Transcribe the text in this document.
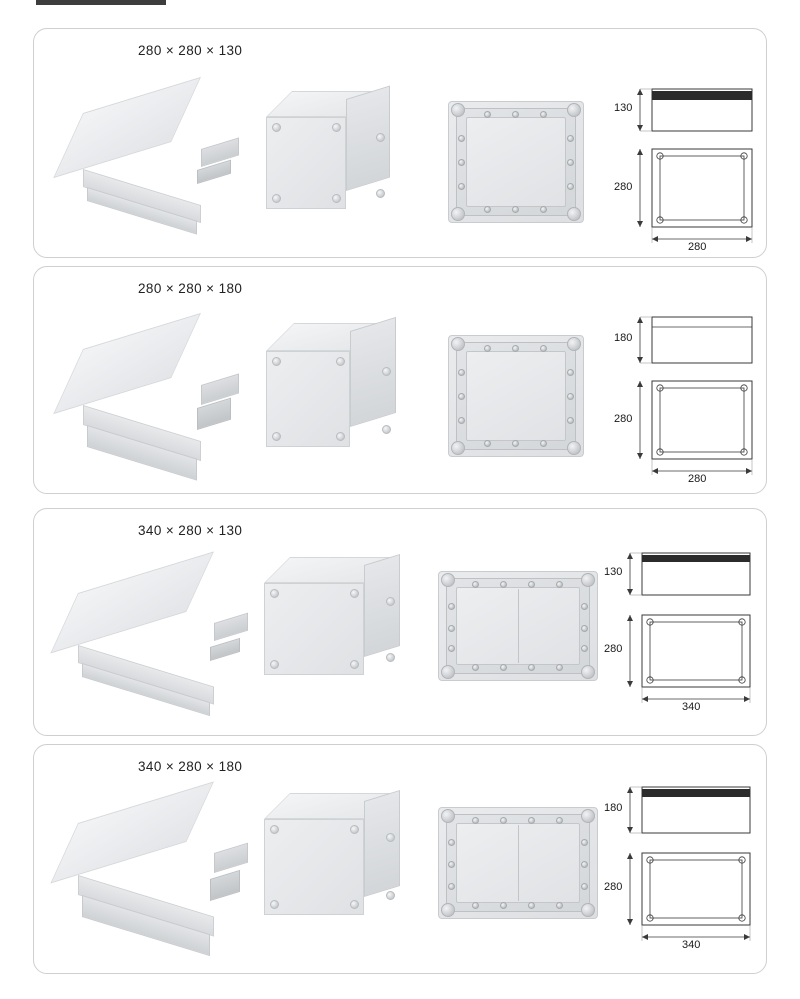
280 × 280 × 130
130
280
280
280 × 280 × 180
180
280
280
340 × 280 × 130
130
280
340
340 × 280 × 180
180
280
340
